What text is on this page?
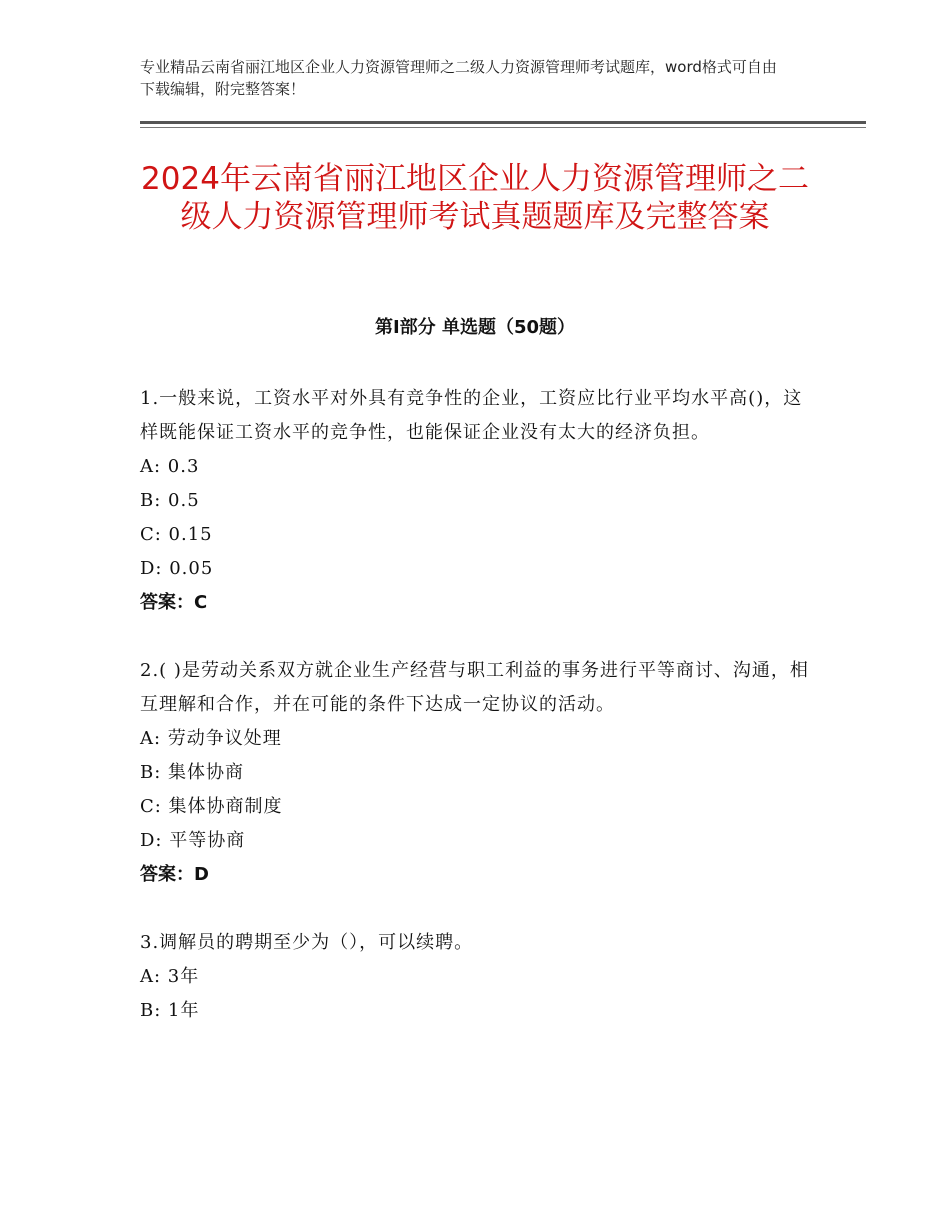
专业精品云南省丽江地区企业人力资源管理师之二级人力资源管理师考试题库，word格式可自由下载编辑，附完整答案！
2024年云南省丽江地区企业人力资源管理师之二级人力资源管理师考试真题题库及完整答案
第Ⅰ部分 单选题（50题）
1.一般来说，工资水平对外具有竞争性的企业，工资应比行业平均水平高()，这样既能保证工资水平的竞争性，也能保证企业没有太大的经济负担。
A: 0.3
B: 0.5
C: 0.15
D: 0.05
答案：C
2.( )是劳动关系双方就企业生产经营与职工利益的事务进行平等商讨、沟通，相互理解和合作，并在可能的条件下达成一定协议的活动。
A: 劳动争议处理
B: 集体协商
C: 集体协商制度
D: 平等协商
答案：D
3.调解员的聘期至少为（），可以续聘。
A: 3年
B: 1年
